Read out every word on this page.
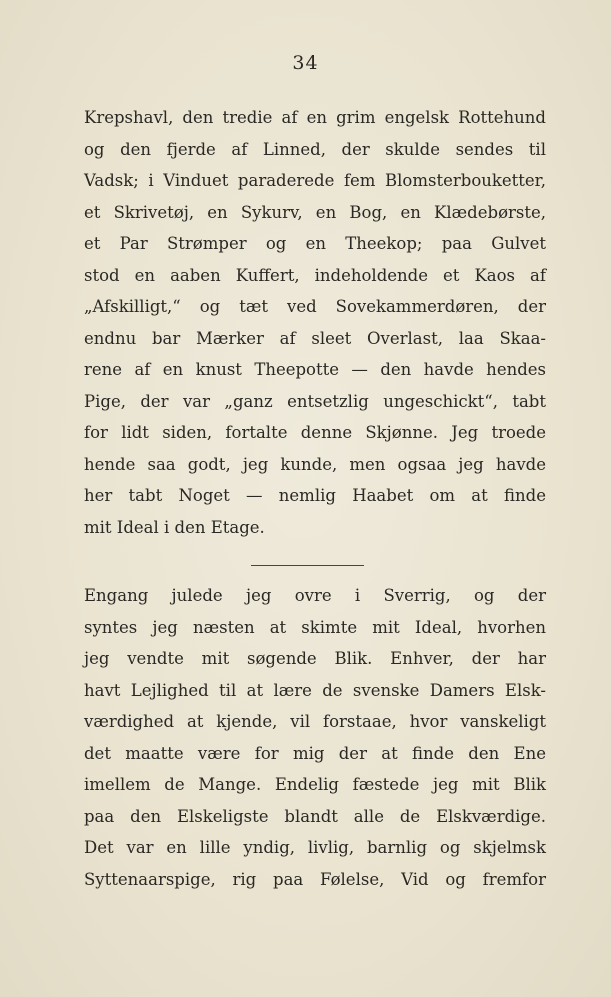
34
Krepshavl, den tredie af en grim engelsk Rottehund
og den fjerde af Linned, der skulde sendes til
Vadsk; i Vinduet paraderede fem Blomsterbouketter,
et Skrivetøj, en Sykurv, en Bog, en Klædebørste,
et Par Strømper og en Theekop; paa Gulvet
stod en aaben Kuffert, indeholdende et Kaos af
„Afskilligt,“ og tæt ved Sovekammerdøren, der
endnu bar Mærker af sleet Overlast, laa Skaa-
rene af en knust Theepotte — den havde hendes
Pige, der var „ganz entsetzlig ungeschickt“, tabt
for lidt siden, fortalte denne Skjønne. Jeg troede
hende saa godt, jeg kunde, men ogsaa jeg havde
her tabt Noget — nemlig Haabet om at finde
mit Ideal i den Etage.
Engang julede jeg ovre i Sverrig, og der
syntes jeg næsten at skimte mit Ideal, hvorhen
jeg vendte mit søgende Blik. Enhver, der har
havt Lejlighed til at lære de svenske Damers Elsk-
værdighed at kjende, vil forstaae, hvor vanskeligt
det maatte være for mig der at finde den Ene
imellem de Mange. Endelig fæstede jeg mit Blik
paa den Elskeligste blandt alle de Elskværdige.
Det var en lille yndig, livlig, barnlig og skjelmsk
Syttenaarspige, rig paa Følelse, Vid og fremfor
